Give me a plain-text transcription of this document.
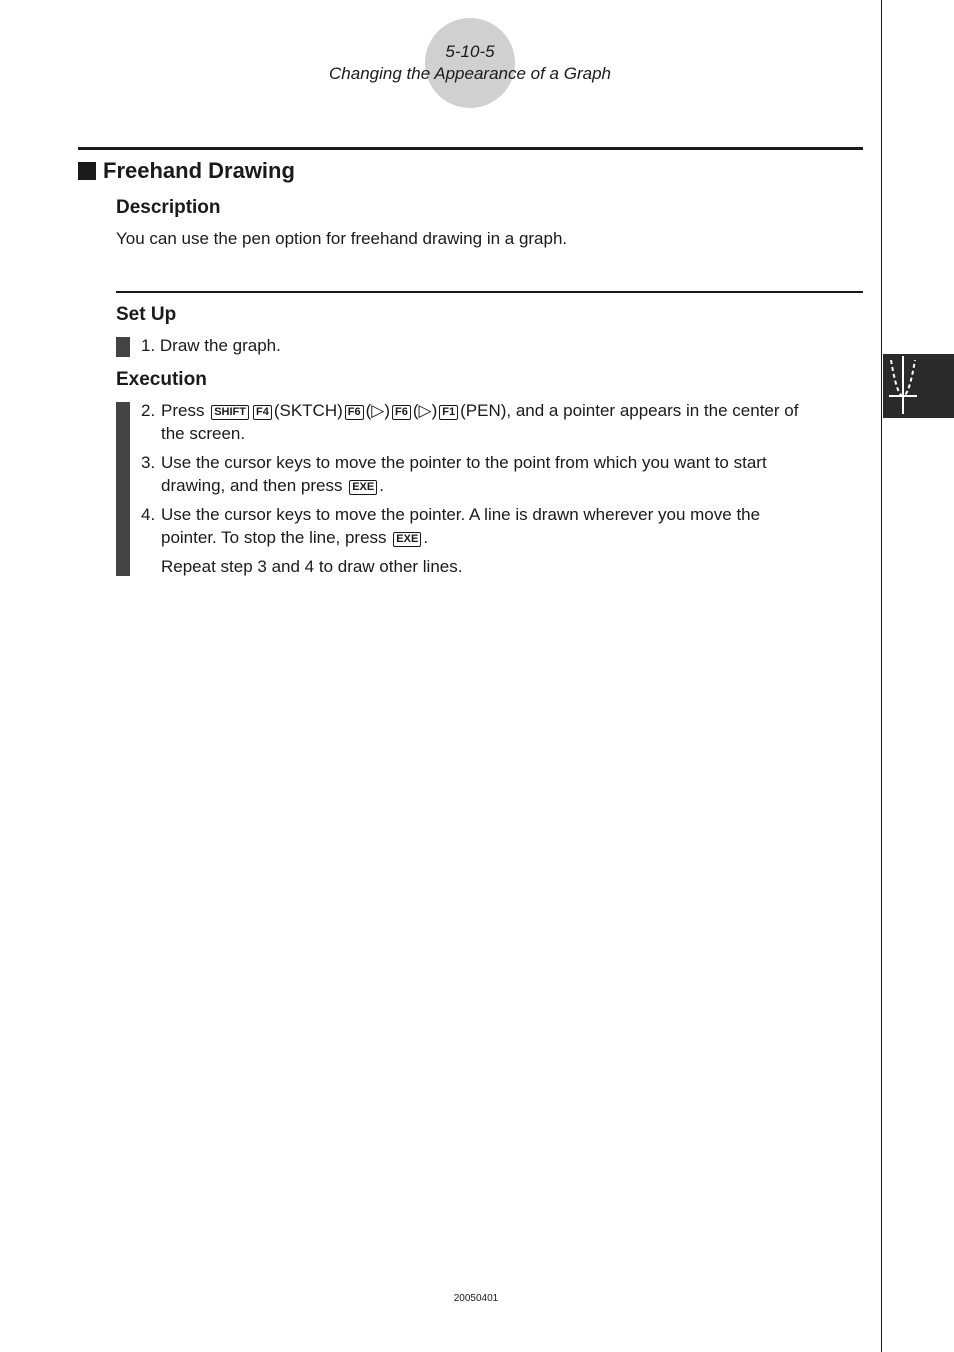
5-10-5
Changing the Appearance of a Graph
Freehand Drawing
Description
You can use the pen option for freehand drawing in a graph.
Set Up
1. Draw the graph.
Execution
2. Press SHIFT F4 (SKTCH) F6 (▷) F6 (▷) F1 (PEN), and a pointer appears in the center of
the screen.
3. Use the cursor keys to move the pointer to the point from which you want to start
drawing, and then press EXE .
4. Use the cursor keys to move the pointer. A line is drawn wherever you move the
pointer. To stop the line, press EXE .
Repeat step 3 and 4 to draw other lines.
20050401
